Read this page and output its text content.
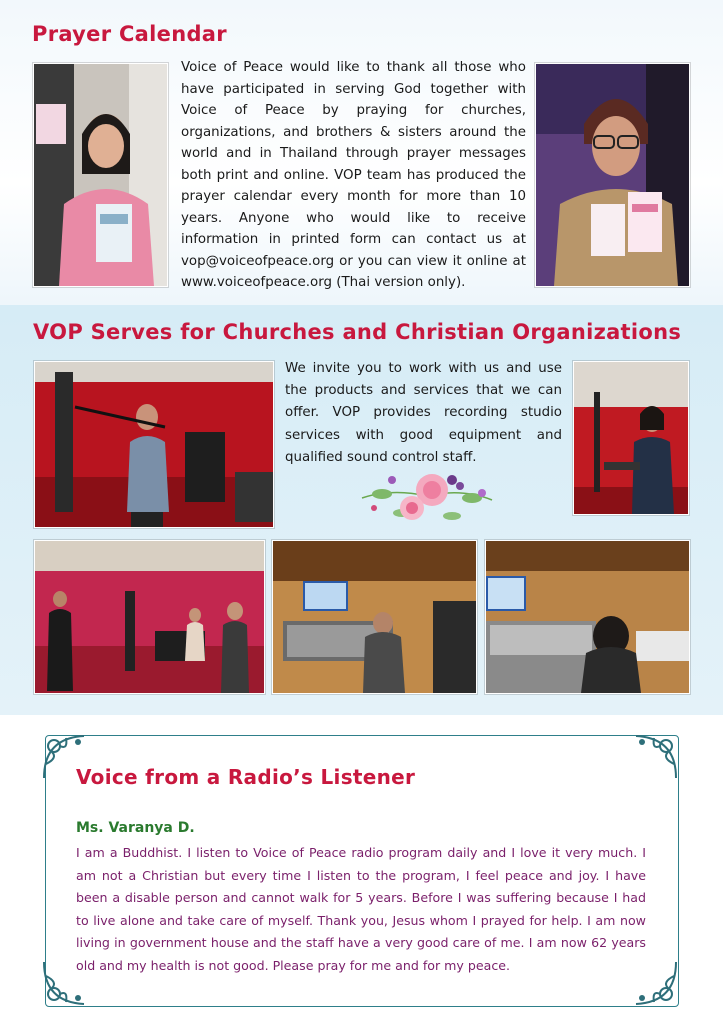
Prayer Calendar
Voice of Peace would like to thank all those who have participated in serving God together with Voice of Peace by praying for churches, organizations, and brothers & sisters around the world and in Thailand through prayer messages both print and online. VOP team has produced the prayer calendar every month for more than 10 years. Anyone who would like to receive information in printed form can contact us at vop@voiceofpeace.org or you can view it online at www.voiceofpeace.org (Thai version only).
VOP Serves for Churches and Christian Organizations
We invite you to work with us and use the products and services that we can offer. VOP provides recording studio services with good equipment and qualified sound control staff.
Voice from a Radio’s Listener
Ms. Varanya D.
I am a Buddhist. I listen to Voice of Peace radio program daily and I love it very much. I am not a Christian but every time I listen to the program, I feel peace and joy. I have been a disable person and cannot walk for 5 years. Before I was suffering because I had to live alone and take care of myself. Thank you, Jesus whom I prayed for help. I am now living in government house and the staff have a very good care of me. I am now 62 years old and my health is not good. Please pray for me and for my peace.
